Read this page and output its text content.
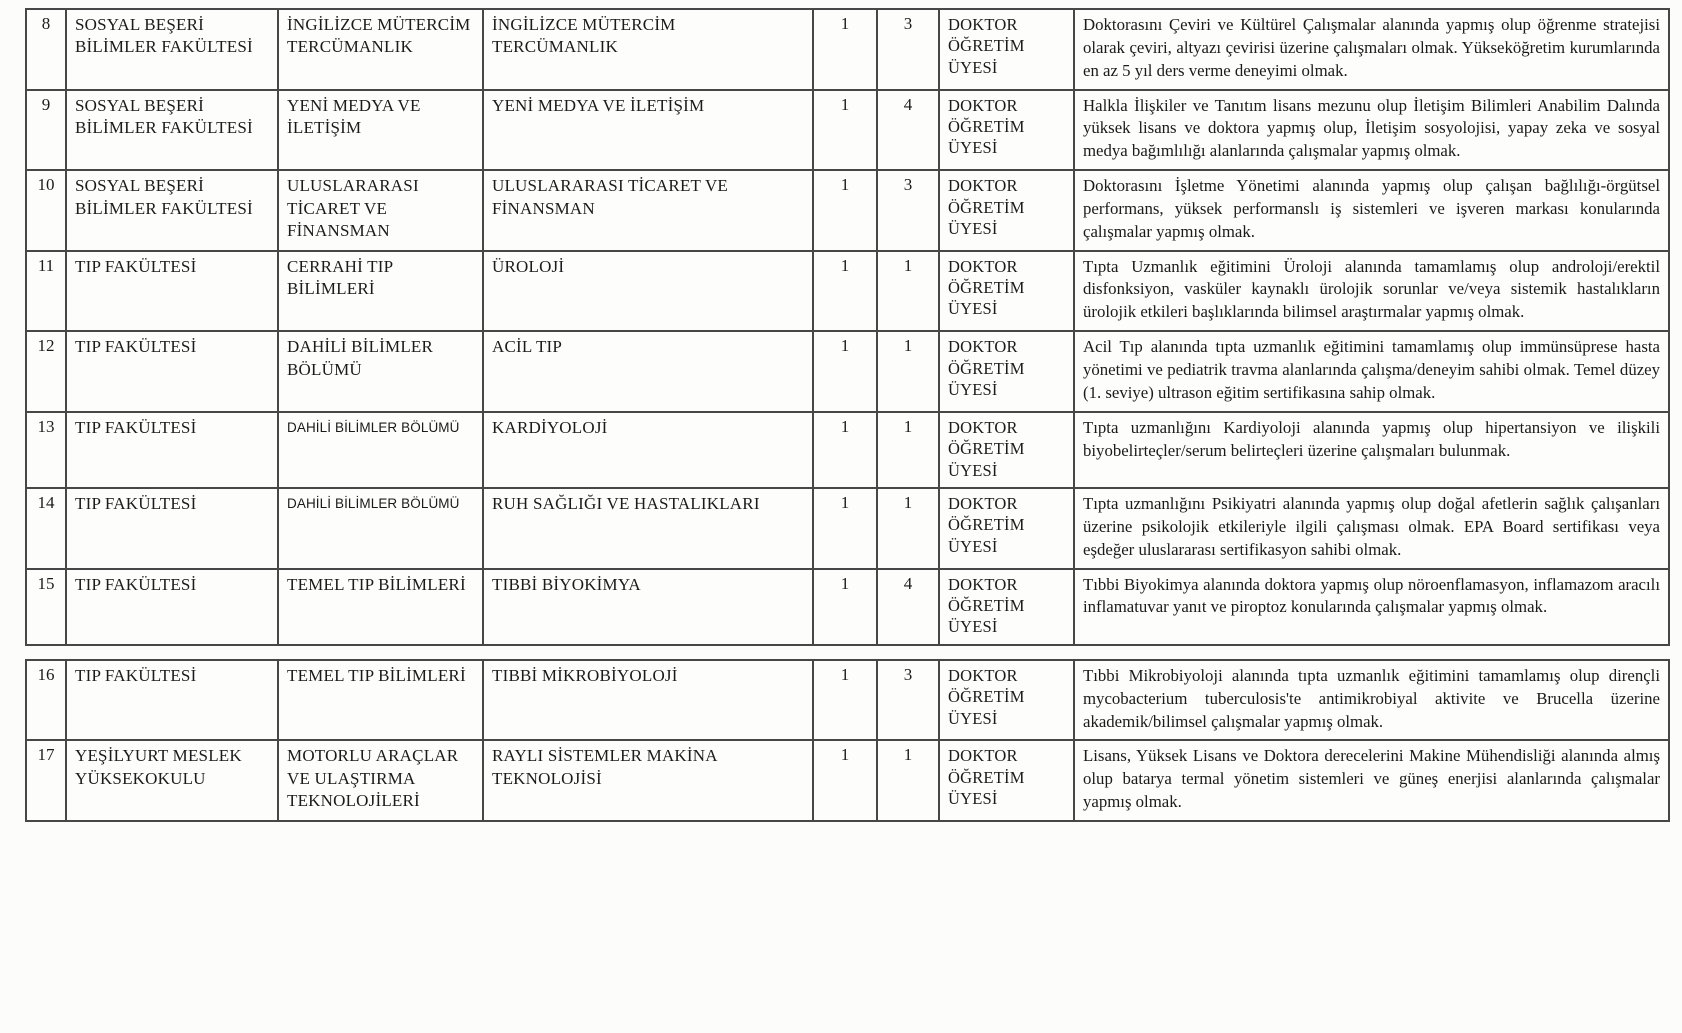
8	SOSYAL BEŞERİ BİLİMLER FAKÜLTESİ	İNGİLİZCE MÜTERCİM TERCÜMANLIK	İNGİLİZCE MÜTERCİM TERCÜMANLIK	1	3	DOKTOR ÖĞRETİM ÜYESİ	Doktorasını Çeviri ve Kültürel Çalışmalar alanında yapmış olup öğrenme stratejisi olarak çeviri, altyazı çevirisi üzerine çalışmaları olmak. Yükseköğretim kurumlarında en az 5 yıl ders verme deneyimi olmak.
9	SOSYAL BEŞERİ BİLİMLER FAKÜLTESİ	YENİ MEDYA VE İLETİŞİM	YENİ MEDYA VE İLETİŞİM	1	4	DOKTOR ÖĞRETİM ÜYESİ	Halkla İlişkiler ve Tanıtım lisans mezunu olup İletişim Bilimleri Anabilim Dalında yüksek lisans ve doktora yapmış olup, İletişim sosyolojisi, yapay zeka ve sosyal medya bağımlılığı alanlarında çalışmalar yapmış olmak.
10	SOSYAL BEŞERİ BİLİMLER FAKÜLTESİ	ULUSLARARASI TİCARET VE FİNANSMAN	ULUSLARARASI TİCARET VE FİNANSMAN	1	3	DOKTOR ÖĞRETİM ÜYESİ	Doktorasını İşletme Yönetimi alanında yapmış olup çalışan bağlılığı-örgütsel performans, yüksek performanslı iş sistemleri ve işveren markası konularında çalışmalar yapmış olmak.
11	TIP FAKÜLTESİ	CERRAHİ TIP BİLİMLERİ	ÜROLOJİ	1	1	DOKTOR ÖĞRETİM ÜYESİ	Tıpta Uzmanlık eğitimini Üroloji alanında tamamlamış olup androloji/erektil disfonksiyon, vasküler kaynaklı ürolojik sorunlar ve/veya sistemik hastalıkların ürolojik etkileri başlıklarında bilimsel araştırmalar yapmış olmak.
12	TIP FAKÜLTESİ	DAHİLİ BİLİMLER BÖLÜMÜ	ACİL TIP	1	1	DOKTOR ÖĞRETİM ÜYESİ	Acil Tıp alanında tıpta uzmanlık eğitimini tamamlamış olup immünsüprese hasta yönetimi ve pediatrik travma alanlarında çalışma/deneyim sahibi olmak. Temel düzey (1. seviye) ultrason eğitim sertifikasına sahip olmak.
13	TIP FAKÜLTESİ	DAHİLİ BİLİMLER BÖLÜMÜ	KARDİYOLOJİ	1	1	DOKTOR ÖĞRETİM ÜYESİ	Tıpta uzmanlığını Kardiyoloji alanında yapmış olup hipertansiyon ve ilişkili biyobelirteçler/serum belirteçleri üzerine çalışmaları bulunmak.
14	TIP FAKÜLTESİ	DAHİLİ BİLİMLER BÖLÜMÜ	RUH SAĞLIĞI VE HASTALIKLARI	1	1	DOKTOR ÖĞRETİM ÜYESİ	Tıpta uzmanlığını Psikiyatri alanında yapmış olup doğal afetlerin sağlık çalışanları üzerine psikolojik etkileriyle ilgili çalışması olmak. EPA Board sertifikası veya eşdeğer uluslararası sertifikasyon sahibi olmak.
15	TIP FAKÜLTESİ	TEMEL TIP BİLİMLERİ	TIBBİ BİYOKİMYA	1	4	DOKTOR ÖĞRETİM ÜYESİ	Tıbbi Biyokimya alanında doktora yapmış olup nöroenflamasyon, inflamazom aracılı inflamatuvar yanıt ve piroptoz konularında çalışmalar yapmış olmak.
16	TIP FAKÜLTESİ	TEMEL TIP BİLİMLERİ	TIBBİ MİKROBİYOLOJİ	1	3	DOKTOR ÖĞRETİM ÜYESİ	Tıbbi Mikrobiyoloji alanında tıpta uzmanlık eğitimini tamamlamış olup dirençli mycobacterium tuberculosis'te antimikrobiyal aktivite ve Brucella üzerine akademik/bilimsel çalışmalar yapmış olmak.
17	YEŞİLYURT MESLEK YÜKSEKOKULU	MOTORLU ARAÇLAR VE ULAŞTIRMA TEKNOLOJİLERİ	RAYLI SİSTEMLER MAKİNA TEKNOLOJİSİ	1	1	DOKTOR ÖĞRETİM ÜYESİ	Lisans, Yüksek Lisans ve Doktora derecelerini Makine Mühendisliği alanında almış olup batarya termal yönetim sistemleri ve güneş enerjisi alanlarında çalışmalar yapmış olmak.
